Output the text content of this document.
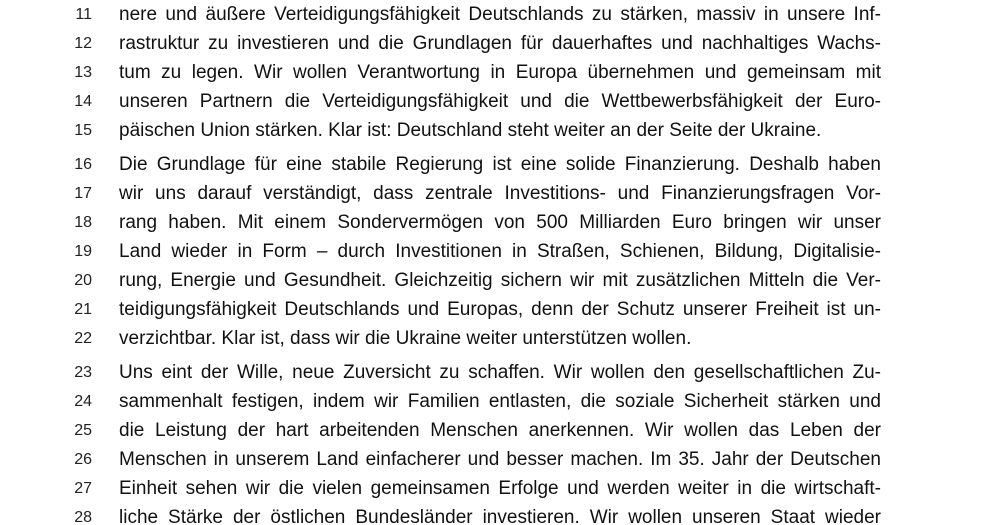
11 nere und äußere Verteidigungsfähigkeit Deutschlands zu stärken, massiv in unsere Inf-
12 rastruktur zu investieren und die Grundlagen für dauerhaftes und nachhaltiges Wachs-
13 tum zu legen. Wir wollen Verantwortung in Europa übernehmen und gemeinsam mit
14 unseren Partnern die Verteidigungsfähigkeit und die Wettbewerbsfähigkeit der Euro-
15 päischen Union stärken. Klar ist: Deutschland steht weiter an der Seite der Ukraine.
16 Die Grundlage für eine stabile Regierung ist eine solide Finanzierung. Deshalb haben
17 wir uns darauf verständigt, dass zentrale Investitions- und Finanzierungsfragen Vor-
18 rang haben. Mit einem Sondervermögen von 500 Milliarden Euro bringen wir unser
19 Land wieder in Form – durch Investitionen in Straßen, Schienen, Bildung, Digitalisie-
20 rung, Energie und Gesundheit. Gleichzeitig sichern wir mit zusätzlichen Mitteln die Ver-
21 teidigungsfähigkeit Deutschlands und Europas, denn der Schutz unserer Freiheit ist un-
22 verzichtbar. Klar ist, dass wir die Ukraine weiter unterstützen wollen.
23 Uns eint der Wille, neue Zuversicht zu schaffen. Wir wollen den gesellschaftlichen Zu-
24 sammenhalt festigen, indem wir Familien entlasten, die soziale Sicherheit stärken und
25 die Leistung der hart arbeitenden Menschen anerkennen. Wir wollen das Leben der
26 Menschen in unserem Land einfacherer und besser machen. Im 35. Jahr der Deutschen
27 Einheit sehen wir die vielen gemeinsamen Erfolge und werden weiter in die wirtschaft-
28 liche Stärke der östlichen Bundesländer investieren. Wir wollen unseren Staat wieder
